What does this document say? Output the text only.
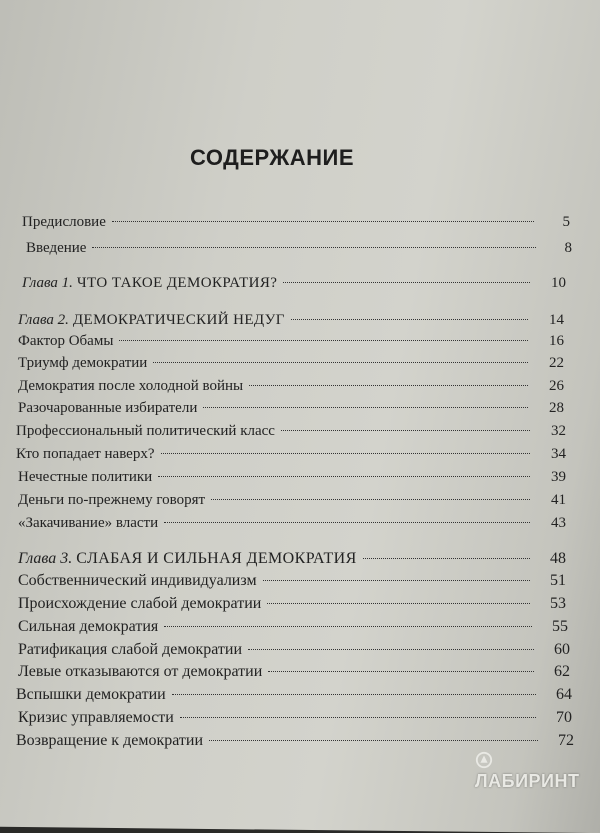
СОДЕРЖАНИЕ
Предисловие	5
Введение	8
Глава 1. ЧТО ТАКОЕ ДЕМОКРАТИЯ?	10
Глава 2. ДЕМОКРАТИЧЕСКИЙ НЕДУГ	14
Фактор Обамы	16
Триумф демократии	22
Демократия после холодной войны	26
Разочарованные избиратели	28
Профессиональный политический класс	32
Кто попадает наверх?	34
Нечестные политики	39
Деньги по-прежнему говорят	41
«Закачивание» власти	43
Глава 3. СЛАБАЯ И СИЛЬНАЯ ДЕМОКРАТИЯ	48
Собственнический индивидуализм	51
Происхождение слабой демократии	53
Сильная демократия	55
Ратификация слабой демократии	60
Левые отказываются от демократии	62
Вспышки демократии	64
Кризис управляемости	70
Возвращение к демократии	72
ЛАБИРИНТ
